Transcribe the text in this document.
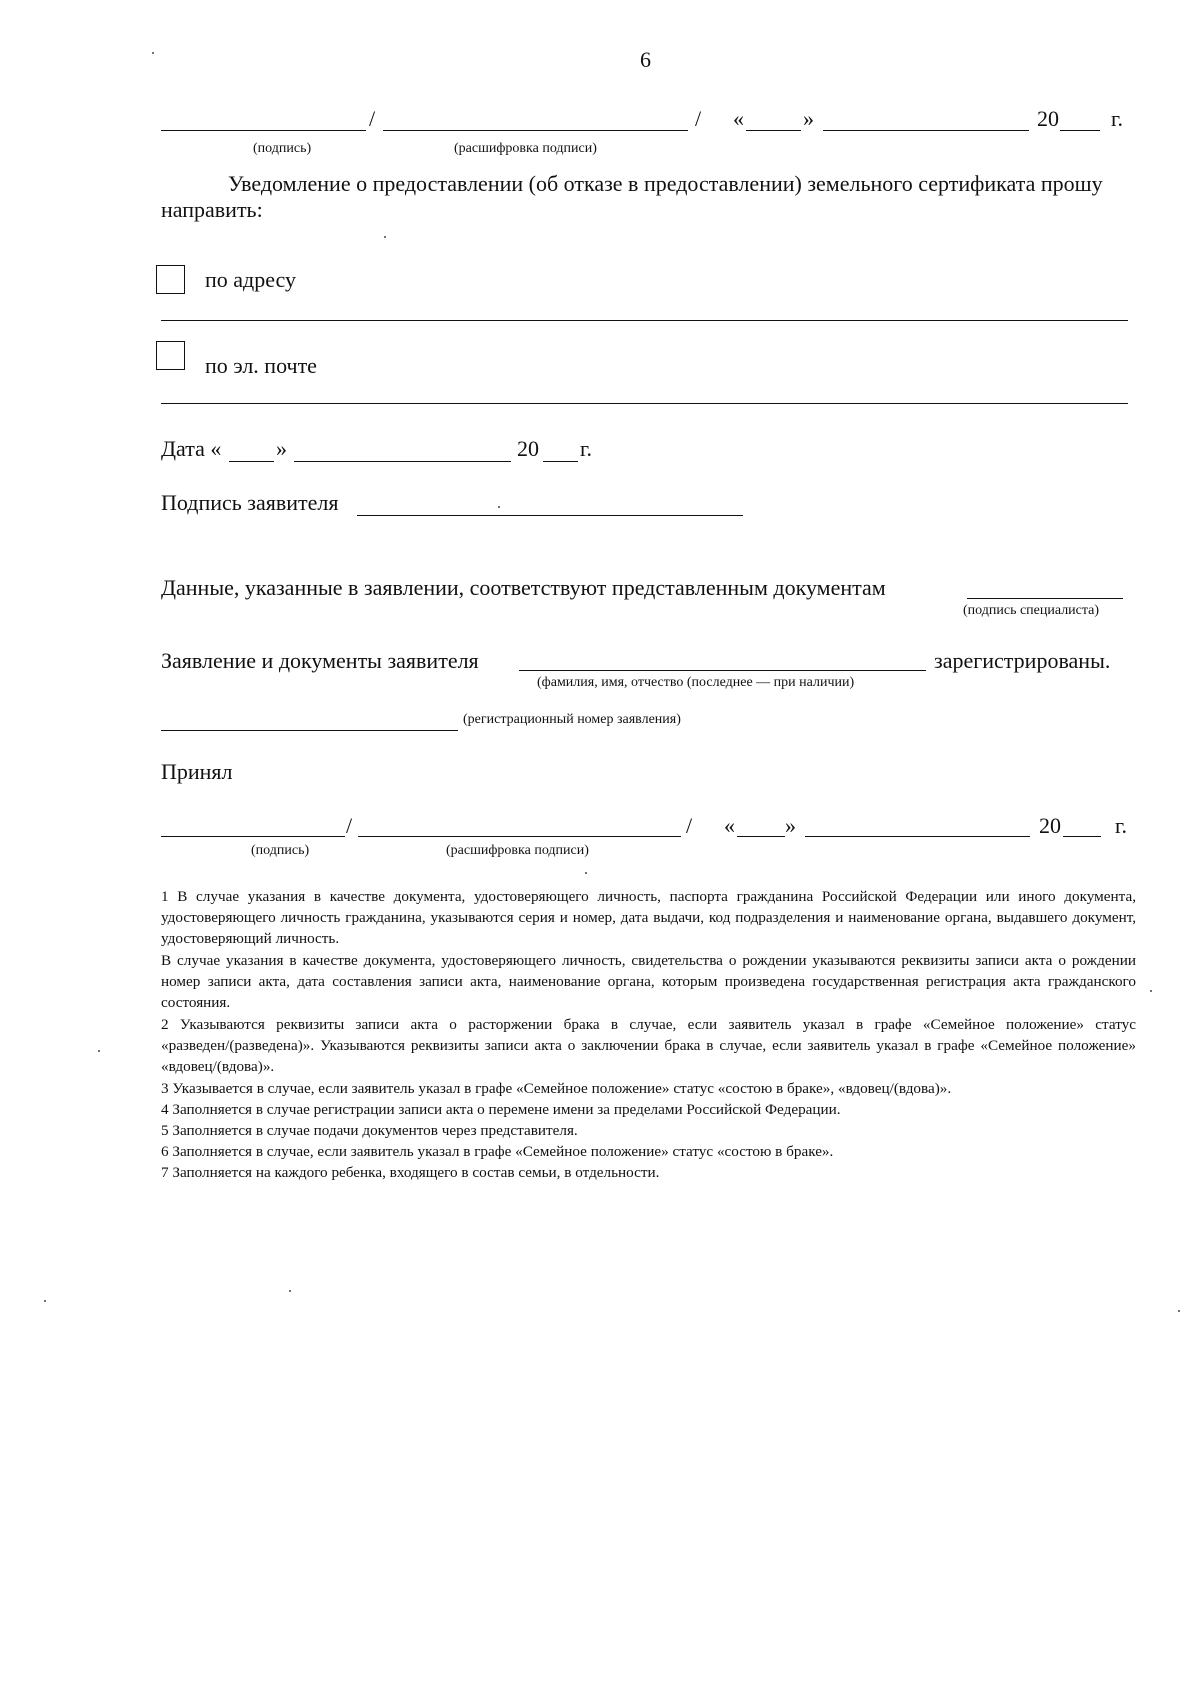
6
/	/ «	»	20 г.
(подпись)	(расшифровка подписи)
Уведомление о предоставлении (об отказе в предоставлении) земельного сертификата прошу
направить:
по адресу
по эл. почте
Дата « »	20 г.
Подпись заявителя
Данные, указанные в заявлении, соответствуют представленным документам
(подпись специалиста)
Заявление и документы заявителя	зарегистрированы.
(фамилия, имя, отчество (последнее — при наличии)
(регистрационный номер заявления)
Принял
/	/ « »	20 г.
(подпись)	(расшифровка подписи)
1 В случае указания в качестве документа, удостоверяющего личность, паспорта гражданина Российской Федерации или иного документа, удостоверяющего личность гражданина, указываются серия и номер, дата выдачи, код подразделения и наименование органа, выдавшего документ, удостоверяющий личность.
В случае указания в качестве документа, удостоверяющего личность, свидетельства о рождении указываются реквизиты записи акта о рождении номер записи акта, дата составления записи акта, наименование органа, которым произведена государственная регистрация акта гражданского состояния.
2 Указываются реквизиты записи акта о расторжении брака в случае, если заявитель указал в графе «Семейное положение» статус «разведен/(разведена)». Указываются реквизиты записи акта о заключении брака в случае, если заявитель указал в графе «Семейное положение» «вдовец/(вдова)».
3 Указывается в случае, если заявитель указал в графе «Семейное положение» статус «состою в браке», «вдовец/(вдова)».
4 Заполняется в случае регистрации записи акта о перемене имени за пределами Российской Федерации.
5 Заполняется в случае подачи документов через представителя.
6 Заполняется в случае, если заявитель указал в графе «Семейное положение» статус «состою в браке».
7 Заполняется на каждого ребенка, входящего в состав семьи, в отдельности.
